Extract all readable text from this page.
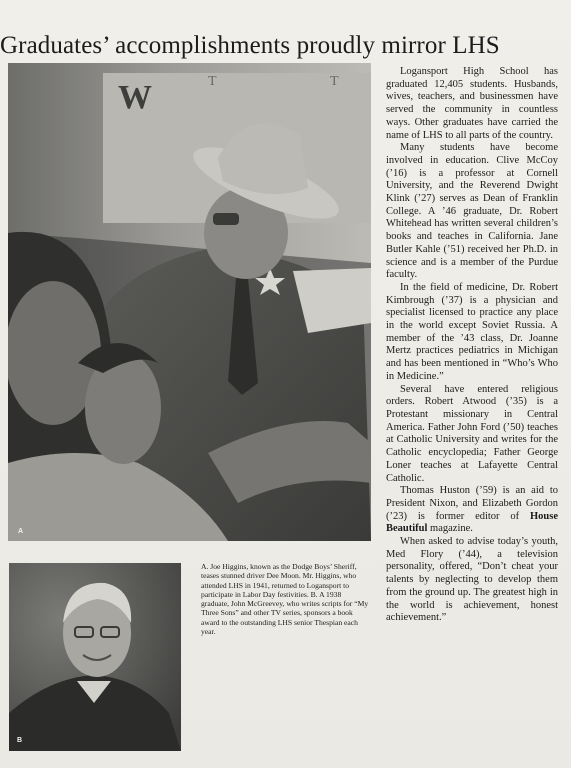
Graduates’ accomplishments proudly mirror LHS
W	T	T
A
B
A. Joe Higgins, known as the Dodge Boys’ Sheriff, teases stunned driver Dee Moon. Mr. Higgins, who attended LHS in 1941, returned to Logansport to participate in Labor Day festivities. B. A 1938 graduate, John McGreevey, who writes scripts for “My Three Sons” and other TV series, sponsors a book award to the outstanding LHS senior Thespian each year.

Logansport High School has graduated 12,405 students. Husbands, wives, teachers, and businessmen have served the community in countless ways. Other graduates have carried the name of LHS to all parts of the country.

Many students have become involved in education. Clive McCoy (’16) is a professor at Cornell University, and the Reverend Dwight Klink (’27) serves as Dean of Franklin College. A ’46 graduate, Dr. Robert Whitehead has written several children’s books and teaches in California. Jane Butler Kahle (’51) received her Ph.D. in science and is a member of the Purdue faculty.

In the field of medicine, Dr. Robert Kimbrough (’37) is a physician and specialist licensed to practice any place in the world except Soviet Russia. A member of the ’43 class, Dr. Joanne Mertz practices pediatrics in Michigan and has been mentioned in “Who’s Who in Medicine.”

Several have entered religious orders. Robert Atwood (’35) is a Protestant missionary in Central America. Father John Ford (’50) teaches at Catholic University and writes for the Catholic encyclopedia; Father George Loner teaches at Lafayette Central Catholic.

Thomas Huston (’59) is an aid to President Nixon, and Elizabeth Gordon (’23) is former editor of House Beautiful magazine.

When asked to advise today’s youth, Med Flory (’44), a television personality, offered, “Don’t cheat your talents by neglecting to develop them from the ground up. The greatest high in the world is achievement, honest achievement.”
